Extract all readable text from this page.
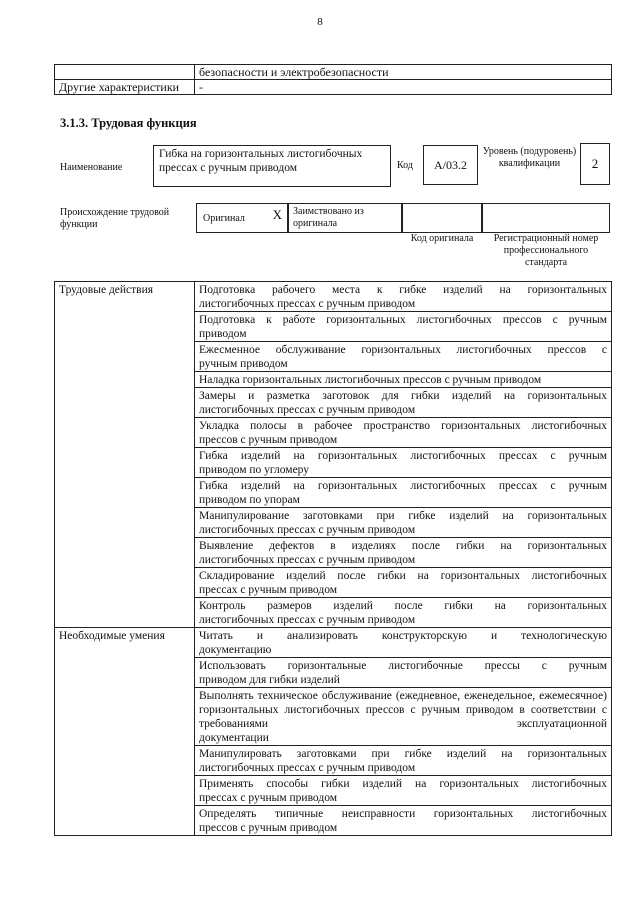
8
	безопасности и электробезопасности
Другие характеристики	-
3.1.3. Трудовая функция
Наименование
Гибка на горизонтальных листогибочных прессах с ручным приводом	Код	A/03.2
Уровень (подуровень) квалификации	2
Происхождение трудовой функции
Оригинал X	Заимствовано из оригинала
Код оригинала	Регистрационный номер профессионального стандарта
Трудовые действия	Подготовка рабочего места к гибке изделий на горизонтальных
листогибочных прессах с ручным приводом

	Подготовка к работе горизонтальных листогибочных прессов с ручным
приводом

	Ежесменное обслуживание горизонтальных листогибочных прессов с
ручным приводом

	Наладка горизонтальных листогибочных прессов с ручным приводом

	Замеры и разметка заготовок для гибки изделий на горизонтальных
листогибочных прессах с ручным приводом

	Укладка полосы в рабочее пространство горизонтальных листогибочных
прессов с ручным приводом

	Гибка изделий на горизонтальных листогибочных прессах с ручным
приводом по угломеру

	Гибка изделий на горизонтальных листогибочных прессах с ручным
приводом по упорам

	Манипулирование заготовками при гибке изделий на горизонтальных
листогибочных прессах с ручным приводом

	Выявление дефектов в изделиях после гибки на горизонтальных
листогибочных прессах с ручным приводом

	Складирование изделий после гибки на горизонтальных листогибочных
прессах с ручным приводом

	Контроль размеров изделий после гибки на горизонтальных
листогибочных прессах с ручным приводом

Необходимые умения	Читать и анализировать конструкторскую и технологическую
документацию

	Использовать горизонтальные листогибочные прессы с ручным
приводом для гибки изделий

	Выполнять техническое обслуживание (ежедневное, еженедельное, ежемесячное) горизонтальных листогибочных прессов с ручным приводом в соответствии с требованиями эксплуатационной
документации

	Манипулировать заготовками при гибке изделий на горизонтальных
листогибочных прессах с ручным приводом

	Применять способы гибки изделий на горизонтальных листогибочных
прессах с ручным приводом

	Определять типичные неисправности горизонтальных листогибочных
прессов с ручным приводом
